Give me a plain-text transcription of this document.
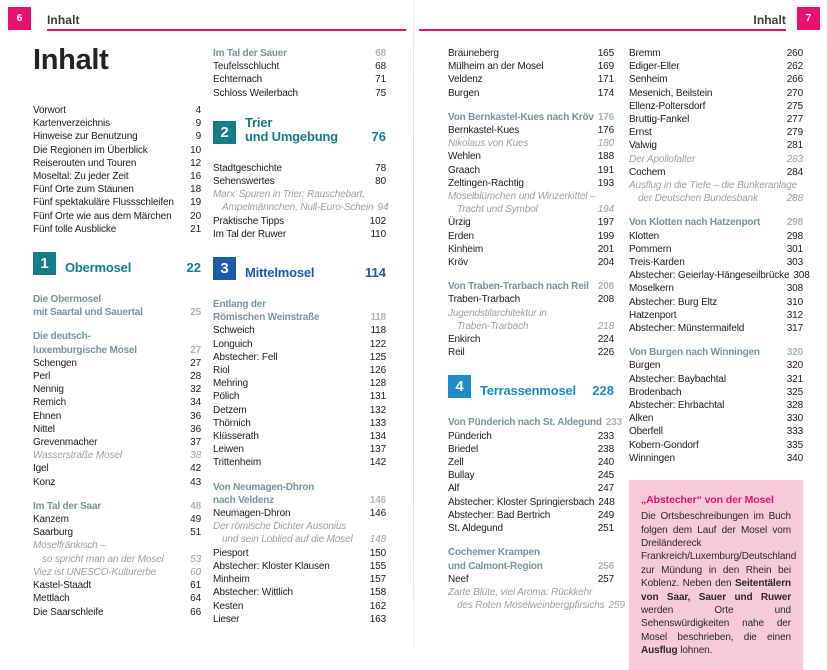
6	Inhalt	7
Inhalt
Inhalt
Vorwort	4
Kartenverzeichnis	9
Hinweise zur Benutzung	9
Die Regionen im Überblick	10
Reiserouten und Touren	12
Moseltal: Zu jeder Zeit	16
Fünf Orte zum Staunen	18
Fünf spektakuläre Flussschleifen	19
Fünf Orte wie aus dem Märchen	20
Fünf tolle Ausblicke	21
1	Obermosel	22
Die Obermosel
mit Saartal und Sauertal	25
Die deutsch-
luxemburgische Mosel	27
Schengen	27
Perl	28
Nennig	32
Remich	34
Ehnen	36
Nittel	36
Grevenmacher	37
Wasserstraße Mosel	38
Igel	42
Konz	43
Im Tal der Saar	48
Kanzem	49
Saarburg	51
Moselfränkisch –
so spricht man an der Mosel	53
Viez ist UNESCO-Kulturerbe	60
Kastel-Staadt	61
Mettlach	64
Die Saarschleife	66
Im Tal der Sauer	68
Teufelsschlucht	68
Echternach	71
Schloss Weilerbach	75
2
Trier
und Umgebung	76
Stadtgeschichte	78
Sehenswertes	80
Marx’ Spuren in Trier: Rauschebart,
Ampelmännchen, Null-Euro-Schein 94
Praktische Tipps	102
Im Tal der Ruwer	110
3	Mittelmosel	114
Entlang der
Römischen Weinstraße	118
Schweich	118
Longuich	122
Abstecher: Fell	125
Riol	126
Mehring	128
Pölich	131
Detzem	132
Thörnich	133
Klüsserath	134
Leiwen	137
Trittenheim	142
Von Neumagen-Dhron
nach Veldenz	146
Neumagen-Dhron	146
Der römische Dichter Ausonius
und sein Loblied auf die Mosel	148
Piesport	150
Abstecher: Kloster Klausen	155
Minheim	157
Abstecher: Wittlich	158
Kesten	162
Lieser	163
Brauneberg	165
Mülheim an der Mosel	169
Veldenz	171
Burgen	174
Von Bernkastel-Kues nach Kröv 176
Bernkastel-Kues	176
Nikolaus von Kues	180
Wehlen	188
Graach	191
Zeltingen-Rachtig	193
Moselblümchen und Winzerkittel –
Tracht und Symbol	194
Ürzig	197
Erden	199
Kinheim	201
Kröv	204
Von Traben-Trarbach nach Reil 208
Traben-Trarbach	208
Jugendstilarchitektur in
Traben-Trarbach	218
Enkirch	224
Reil	226
4	Terrassenmosel	228
Von Pünderich nach St. Aldegund 233
Pünderich	233
Briedel	238
Zell	240
Bullay	245
Alf	247
Abstecher: Kloster Springiersbach 248
Abstecher: Bad Bertrich	249
St. Aldegund	251
Cochemer Krampen
und Calmont-Region	256
Neef	257
Zarte Blüte, viel Aroma: Rückkehr
des Roten Moselweinbergpfirsichs 259
Bremm	260
Ediger-Eller	262
Senheim	266
Mesenich, Beilstein	270
Ellenz-Poltersdorf	275
Bruttig-Fankel	277
Ernst	279
Valwig	281
Der Apollofalter	283
Cochem	284
Ausflug in die Tiefe – die Bunkeranlage
der Deutschen Bundesbank	288
Von Klotten nach Hatzenport	298
Klotten	298
Pommern	301
Treis-Karden	303
Abstecher: Geierlay-Hängeseilbrücke 308
Moselkern	308
Abstecher: Burg Eltz	310
Hatzenport	312
Abstecher: Münstermaifeld	317
Von Burgen nach Winningen	320
Burgen	320
Abstecher: Baybachtal	321
Brodenbach	325
Abstecher: Ehrbachtal	328
Alken	330
Oberfell	333
Kobern-Gondorf	335
Winningen	340
„Abstecher“ von der Mosel

Die Ortsbeschreibungen im Buch folgen dem Lauf der Mosel vom Dreiländereck Frankreich/Luxemburg/Deutschland zur Mündung in den Rhein bei Koblenz. Neben den Seitentälern von Saar, Sauer und Ruwer werden Orte und Sehenswürdigkeiten nahe der Mosel beschrieben, die einen Ausflug lohnen.
